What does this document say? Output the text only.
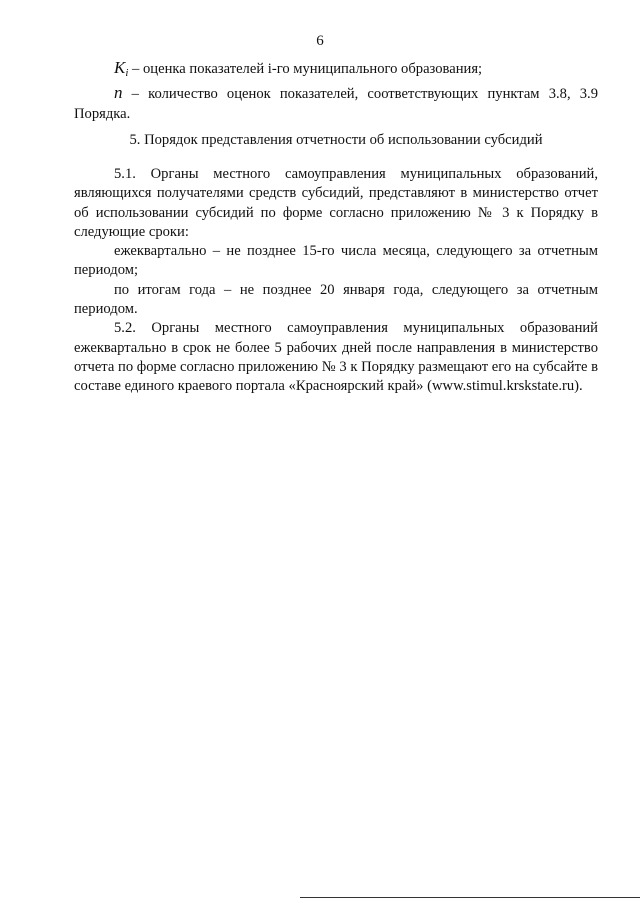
6

$K_i$ – оценка показателей i-го муниципального образования;

n – количество оценок показателей, соответствующих пунктам 3.8, 3.9 Порядка.

5. Порядок представления отчетности об использовании субсидий

5.1. Органы местного самоуправления муниципальных образований, являющихся получателями средств субсидий, представляют в министерство отчет об использовании субсидий по форме согласно приложению № 3 к Порядку в следующие сроки:

ежеквартально – не позднее 15-го числа месяца, следующего за отчетным периодом;

по итогам года – не позднее 20 января года, следующего за отчетным периодом.

5.2. Органы местного самоуправления муниципальных образований ежеквартально в срок не более 5 рабочих дней после направления в министерство отчета по форме согласно приложению № 3 к Порядку размещают его на субсайте в составе единого краевого портала «Красноярский край» (www.stimul.krskstate.ru).
